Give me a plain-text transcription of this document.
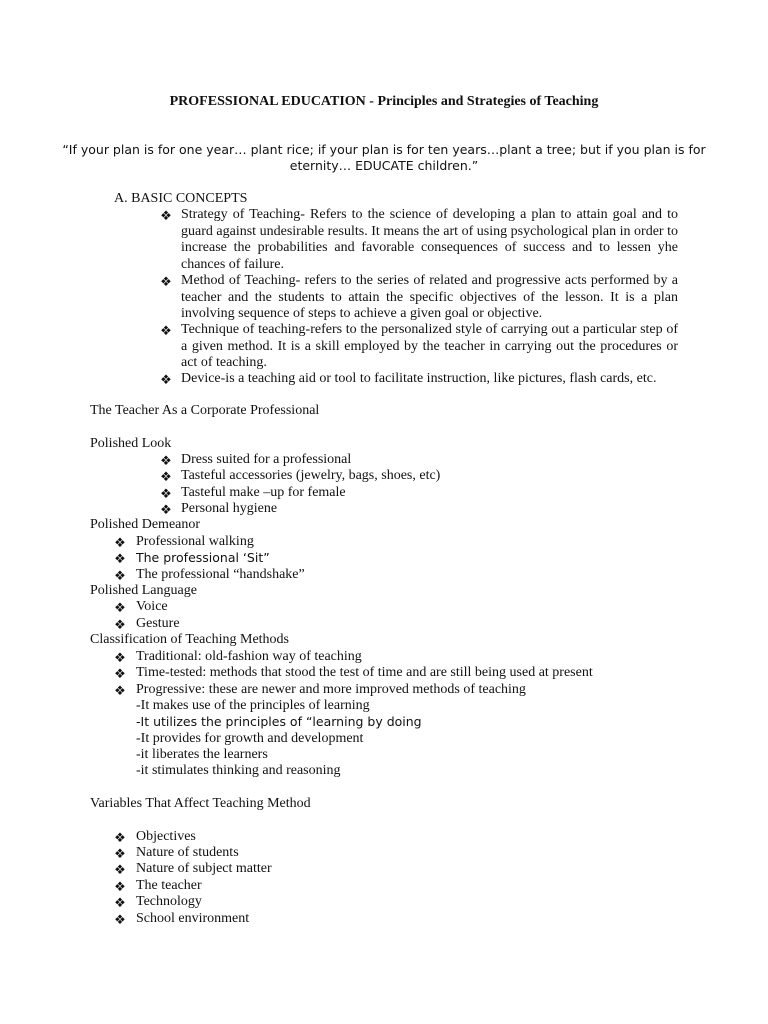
PROFESSIONAL EDUCATION - Principles and Strategies of Teaching
“If your plan is for one year… plant rice; if your plan is for ten years…plant a tree; but if you plan is for
eternity… EDUCATE children.”
A. BASIC CONCEPTS
❖ Strategy of Teaching- Refers to the science of developing a plan to attain goal and to guard against undesirable results. It means the art of using psychological plan in order to increase the probabilities and favorable consequences of success and to lessen yhe chances of failure.
❖ Method of Teaching- refers to the series of related and progressive acts performed by a teacher and the students to attain the specific objectives of the lesson. It is a plan involving sequence of steps to achieve a given goal or objective.
❖ Technique of teaching-refers to the personalized style of carrying out a particular step of a given method. It is a skill employed by the teacher in carrying out the procedures or act of teaching.
❖ Device-is a teaching aid or tool to facilitate instruction, like pictures, flash cards, etc.
The Teacher As a Corporate Professional
Polished Look
❖ Dress suited for a professional
❖ Tasteful accessories (jewelry, bags, shoes, etc)
❖ Tasteful make –up for female
❖ Personal hygiene
Polished Demeanor
❖ Professional walking
❖ The professional ‘Sit”
❖ The professional “handshake”
Polished Language
❖ Voice
❖ Gesture
Classification of Teaching Methods
❖ Traditional: old-fashion way of teaching
❖ Time-tested: methods that stood the test of time and are still being used at present
❖ Progressive: these are newer and more improved methods of teaching
-It makes use of the principles of learning
-It utilizes the principles of “learning by doing
-It provides for growth and development
-it liberates the learners
-it stimulates thinking and reasoning
Variables That Affect Teaching Method
❖ Objectives
❖ Nature of students
❖ Nature of subject matter
❖ The teacher
❖ Technology
❖ School environment
